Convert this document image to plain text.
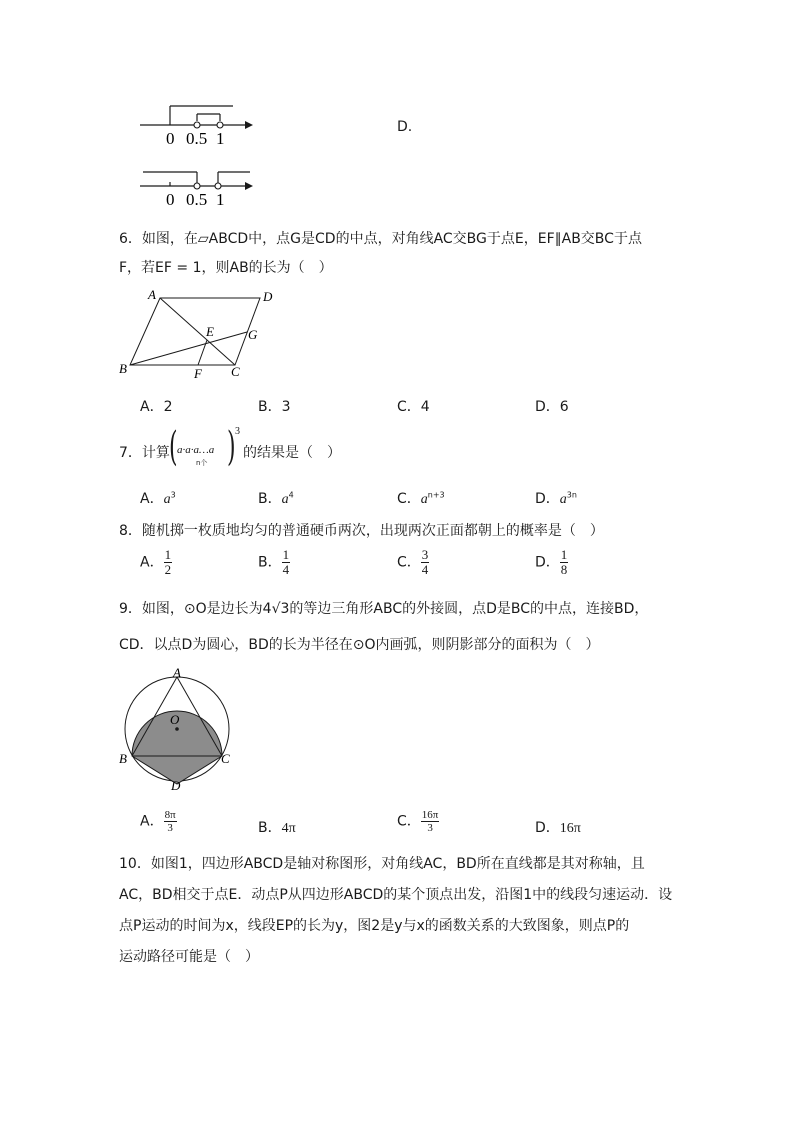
0 0.5 1
0 0.5 1
D.
6．如图，在▱ABCD中，点G是CD的中点，对角线AC交BG于点E，EF∥AB交BC于点
F，若EF = 1，则AB的长为（　）
A	D
E	G
B	F C
A．2	B．3	C．4	D．6
7．计算 ( a·a·a…a
n个 ) 3
的结果是（　）
A．$a^3$	B．$a^4$	C．$a^{n+3}$	D．$a^{3n}$
8．随机掷一枚质地均匀的普通硬币两次，出现两次正面都朝上的概率是（　）
A． $\frac{1}{2}$	B． $\frac{1}{4}$	C． $\frac{3}{4}$	D． $\frac{1}{8}$
9．如图，⊙O是边长为4√3的等边三角形ABC的外接圆，点D是BC的中点，连接BD，
CD．以点D为圆心，BD的长为半径在⊙O内画弧，则阴影部分的面积为（　）
A
O
B	C
D
A． $\frac{8\pi}{3}$	B．4π	C． $\frac{16\pi}{3}$	D．16π
10．如图1，四边形ABCD是轴对称图形，对角线AC，BD所在直线都是其对称轴，且
AC，BD相交于点E．动点P从四边形ABCD的某个顶点出发，沿图1中的线段匀速运动．设
点P运动的时间为x，线段EP的长为y，图2是y与x的函数关系的大致图象，则点P的
运动路径可能是（　）
